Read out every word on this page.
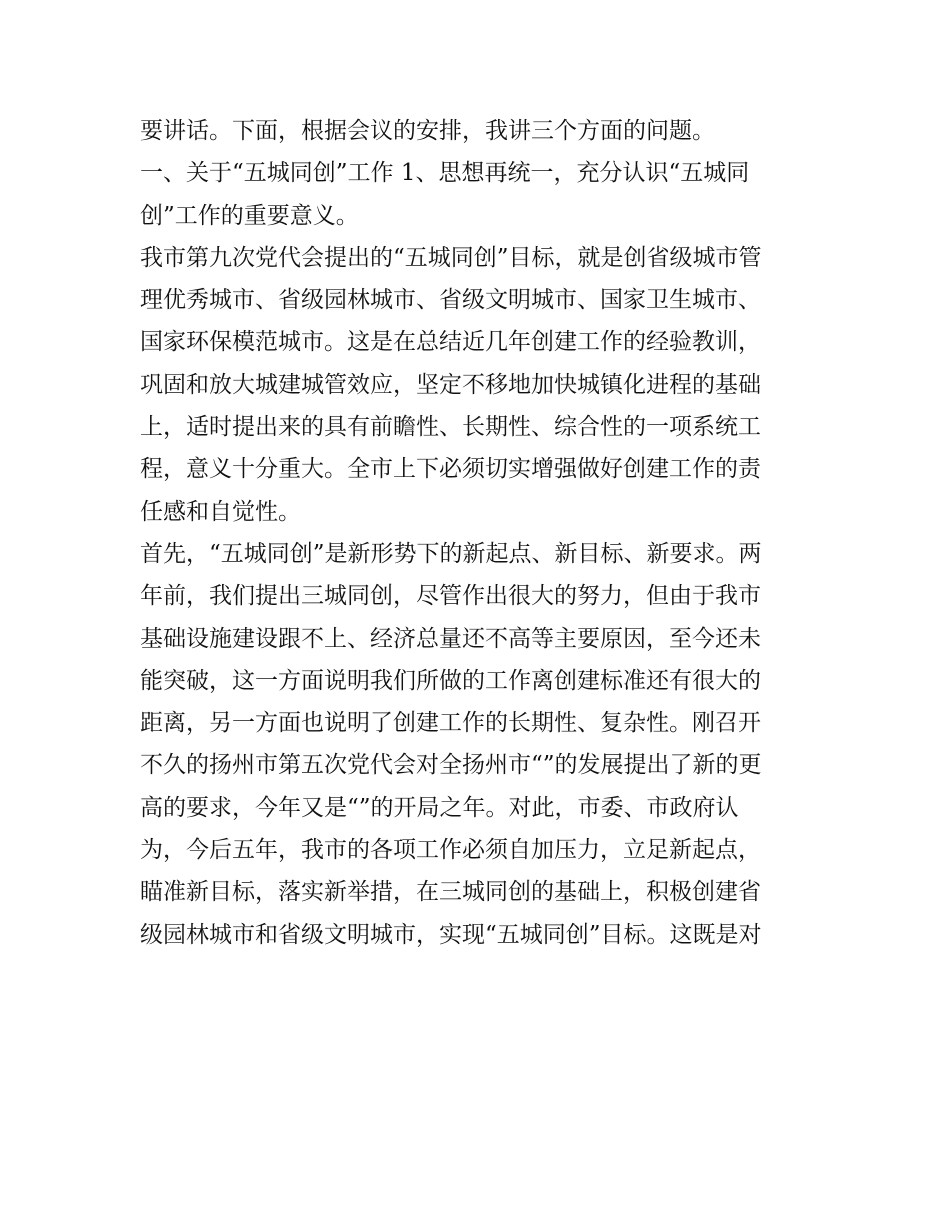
要讲话。下面，根据会议的安排，我讲三个方面的问题。
一、关于“五城同创”工作 1、思想再统一，充分认识“五城同
创”工作的重要意义。
我市第九次党代会提出的“五城同创”目标，就是创省级城市管
理优秀城市、省级园林城市、省级文明城市、国家卫生城市、
国家环保模范城市。这是在总结近几年创建工作的经验教训，
巩固和放大城建城管效应，坚定不移地加快城镇化进程的基础
上，适时提出来的具有前瞻性、长期性、综合性的一项系统工
程，意义十分重大。全市上下必须切实增强做好创建工作的责
任感和自觉性。
首先，“五城同创”是新形势下的新起点、新目标、新要求。两
年前，我们提出三城同创，尽管作出很大的努力，但由于我市
基础设施建设跟不上、经济总量还不高等主要原因，至今还未
能突破，这一方面说明我们所做的工作离创建标准还有很大的
距离，另一方面也说明了创建工作的长期性、复杂性。刚召开
不久的扬州市第五次党代会对全扬州市“”的发展提出了新的更
高的要求，今年又是“”的开局之年。对此，市委、市政府认
为，今后五年，我市的各项工作必须自加压力，立足新起点，
瞄准新目标，落实新举措，在三城同创的基础上，积极创建省
级园林城市和省级文明城市，实现“五城同创”目标。这既是对
